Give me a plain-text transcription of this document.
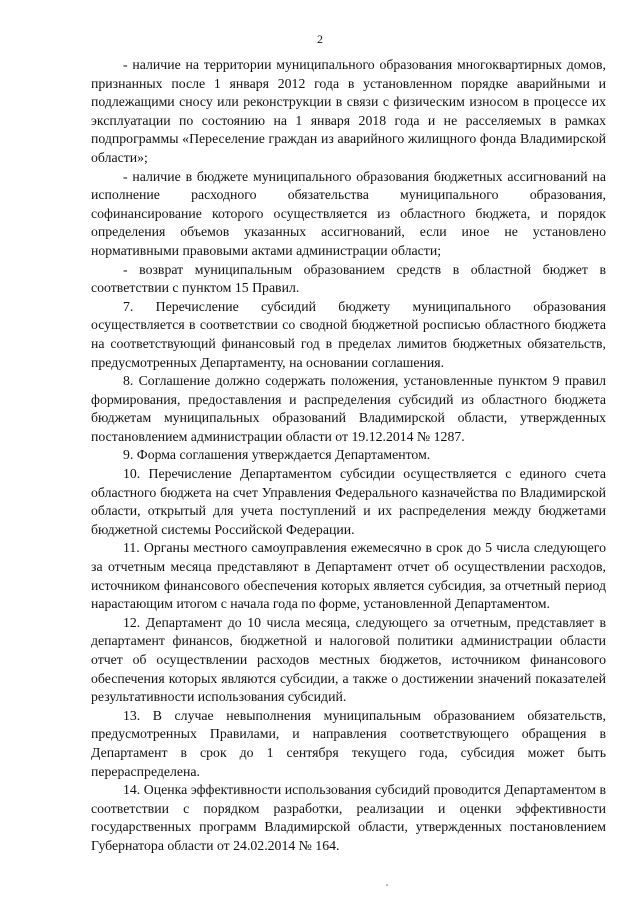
2

- наличие на территории муниципального образования многоквартирных домов, признанных после 1 января 2012 года в установленном порядке аварийными и подлежащими сносу или реконструкции в связи с физическим износом в процессе их эксплуатации по состоянию на 1 января 2018 года и не расселяемых в рамках подпрограммы «Переселение граждан из аварийного жилищного фонда Владимирской области»;

- наличие в бюджете муниципального образования бюджетных ассигнований на исполнение расходного обязательства муниципального образования, софинансирование которого осуществляется из областного бюджета, и порядок определения объемов указанных ассигнований, если иное не установлено нормативными правовыми актами администрации области;

- возврат муниципальным образованием средств в областной бюджет в соответствии с пунктом 15 Правил.

7. Перечисление субсидий бюджету муниципального образования осуществляется в соответствии со сводной бюджетной росписью областного бюджета на соответствующий финансовый год в пределах лимитов бюджетных обязательств, предусмотренных Департаменту, на основании соглашения.

8. Соглашение должно содержать положения, установленные пунктом 9 правил формирования, предоставления и распределения субсидий из областного бюджета бюджетам муниципальных образований Владимирской области, утвержденных постановлением администрации области от 19.12.2014 № 1287.

9. Форма соглашения утверждается Департаментом.

10. Перечисление Департаментом субсидии осуществляется с единого счета областного бюджета на счет Управления Федерального казначейства по Владимирской области, открытый для учета поступлений и их распределения между бюджетами бюджетной системы Российской Федерации.

11. Органы местного самоуправления ежемесячно в срок до 5 числа следующего за отчетным месяца представляют в Департамент отчет об осуществлении расходов, источником финансового обеспечения которых является субсидия, за отчетный период нарастающим итогом с начала года по форме, установленной Департаментом.

12. Департамент до 10 числа месяца, следующего за отчетным, представляет в департамент финансов, бюджетной и налоговой политики администрации области отчет об осуществлении расходов местных бюджетов, источником финансового обеспечения которых являются субсидии, а также о достижении значений показателей результативности использования субсидий.

13. В случае невыполнения муниципальным образованием обязательств, предусмотренных Правилами, и направления соответствующего обращения в Департамент в срок до 1 сентября текущего года, субсидия может быть перераспределена.

14. Оценка эффективности использования субсидий проводится Департаментом в соответствии с порядком разработки, реализации и оценки эффективности государственных программ Владимирской области, утвержденных постановлением Губернатора области от 24.02.2014 № 164.
